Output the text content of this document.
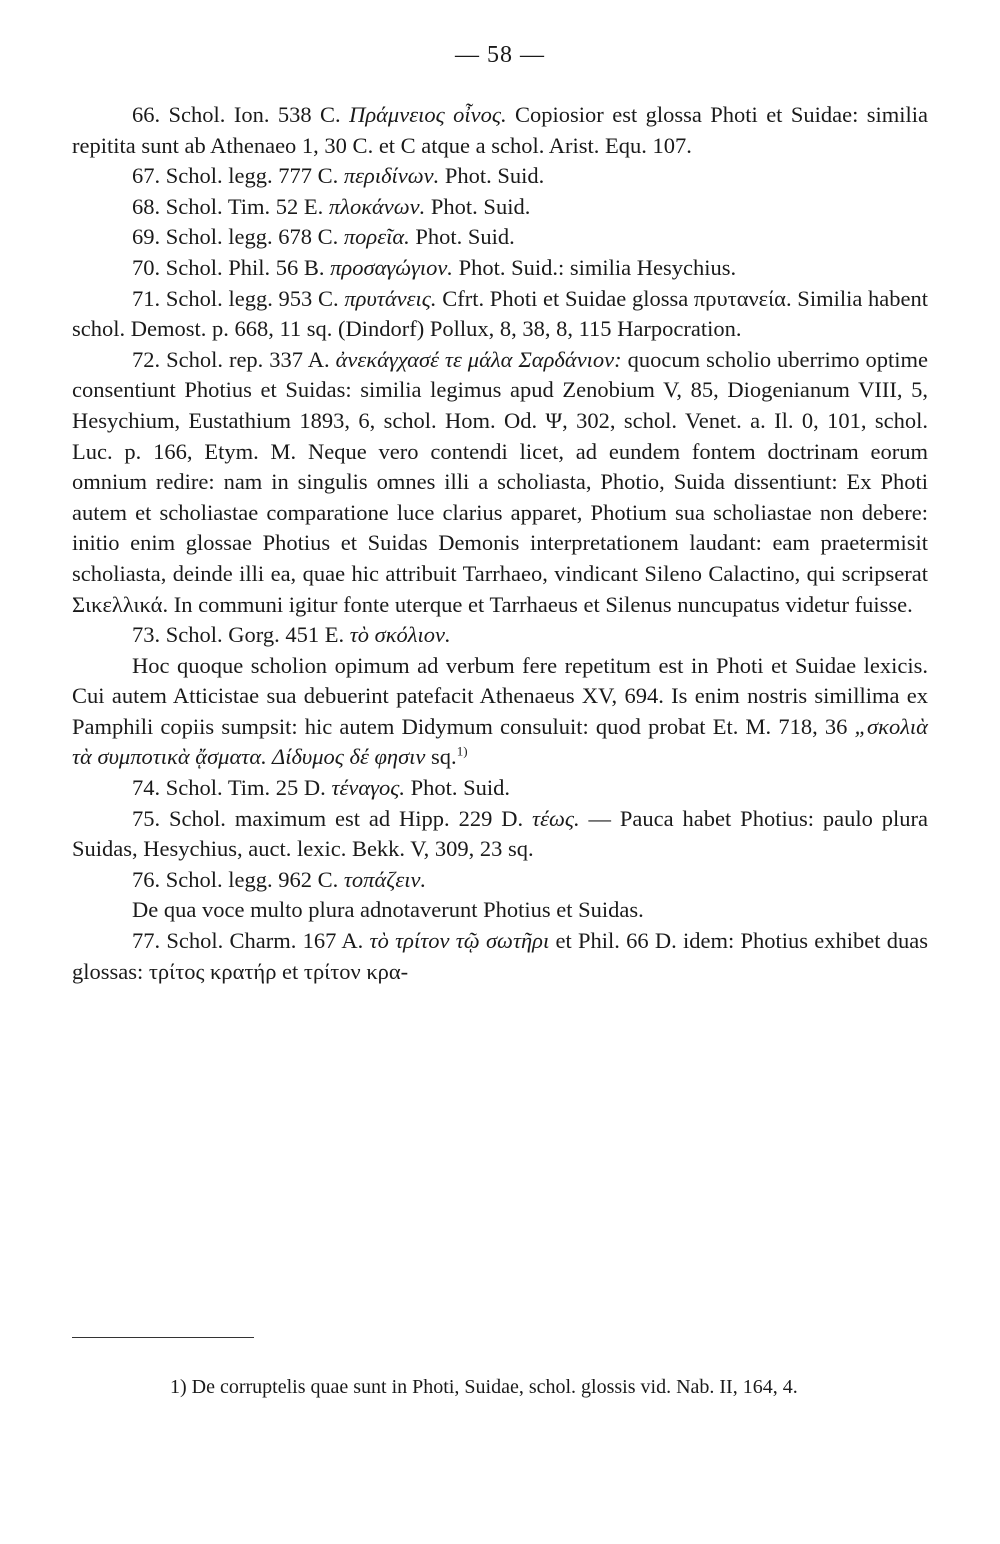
— 58 —

66. Schol. Ion. 538 C. Πράμνειος οἶνος. Copiosior est glossa Photi et Suidae: similia repitita sunt ab Athenaeo 1, 30 C. et C atque a schol. Arist. Equ. 107.

67. Schol. legg. 777 C. περιδίνων. Phot. Suid.

68. Schol. Tim. 52 E. πλοκάνων. Phot. Suid.

69. Schol. legg. 678 C. πορεῖα. Phot. Suid.

70. Schol. Phil. 56 B. προσαγώγιον. Phot. Suid.: similia Hesychius.

71. Schol. legg. 953 C. πρυτάνεις. Cfrt. Photi et Suidae glossa πρυτανεία. Similia habent schol. Demost. p. 668, 11 sq. (Dindorf) Pollux, 8, 38, 8, 115 Harpocration.

72. Schol. rep. 337 A. ἀνεκάγχασέ τε μάλα Σαρδάνιον: quocum scholio uberrimo optime consentiunt Photius et Suidas: similia legimus apud Zenobium V, 85, Diogenianum VIII, 5, Hesychium, Eustathium 1893, 6, schol. Hom. Od. Ψ, 302, schol. Venet. a. Il. 0, 101, schol. Luc. p. 166, Etym. M. Neque vero contendi licet, ad eundem fontem doctrinam eorum omnium redire: nam in singulis omnes illi a scholiasta, Photio, Suida dissentiunt: Ex Photi autem et scholiastae comparatione luce clarius apparet, Photium sua scholiastae non debere: initio enim glossae Photius et Suidas Demonis interpretationem laudant: eam praetermisit scholiasta, deinde illi ea, quae hic attribuit Tarrhaeo, vindicant Sileno Calactino, qui scripserat Σικελλικά. In communi igitur fonte uterque et Tarrhaeus et Silenus nuncupatus videtur fuisse.

73. Schol. Gorg. 451 E. τὸ σκόλιον.

Hoc quoque scholion opimum ad verbum fere repetitum est in Photi et Suidae lexicis. Cui autem Atticistae sua debuerint patefacit Athenaeus XV, 694. Is enim nostris simillima ex Pamphili copiis sumpsit: hic autem Didymum consuluit: quod probat Et. M. 718, 36 „σκολιὰ τὰ συμποτικὰ ᾄσματα. Δίδυμος δέ φησιν sq.$^{1)}$

74. Schol. Tim. 25 D. τέναγος. Phot. Suid.

75. Schol. maximum est ad Hipp. 229 D. τέως. — Pauca habet Photius: paulo plura Suidas, Hesychius, auct. lexic. Bekk. V, 309, 23 sq.

76. Schol. legg. 962 C. τοπάζειν.

De qua voce multo plura adnotaverunt Photius et Suidas.

77. Schol. Charm. 167 A. τὸ τρίτον τῷ σωτῆρι et Phil. 66 D. idem: Photius exhibet duas glossas: τρίτος κρατήρ et τρίτον κρα-

1) De corruptelis quae sunt in Photi, Suidae, schol. glossis vid. Nab. II, 164, 4.
